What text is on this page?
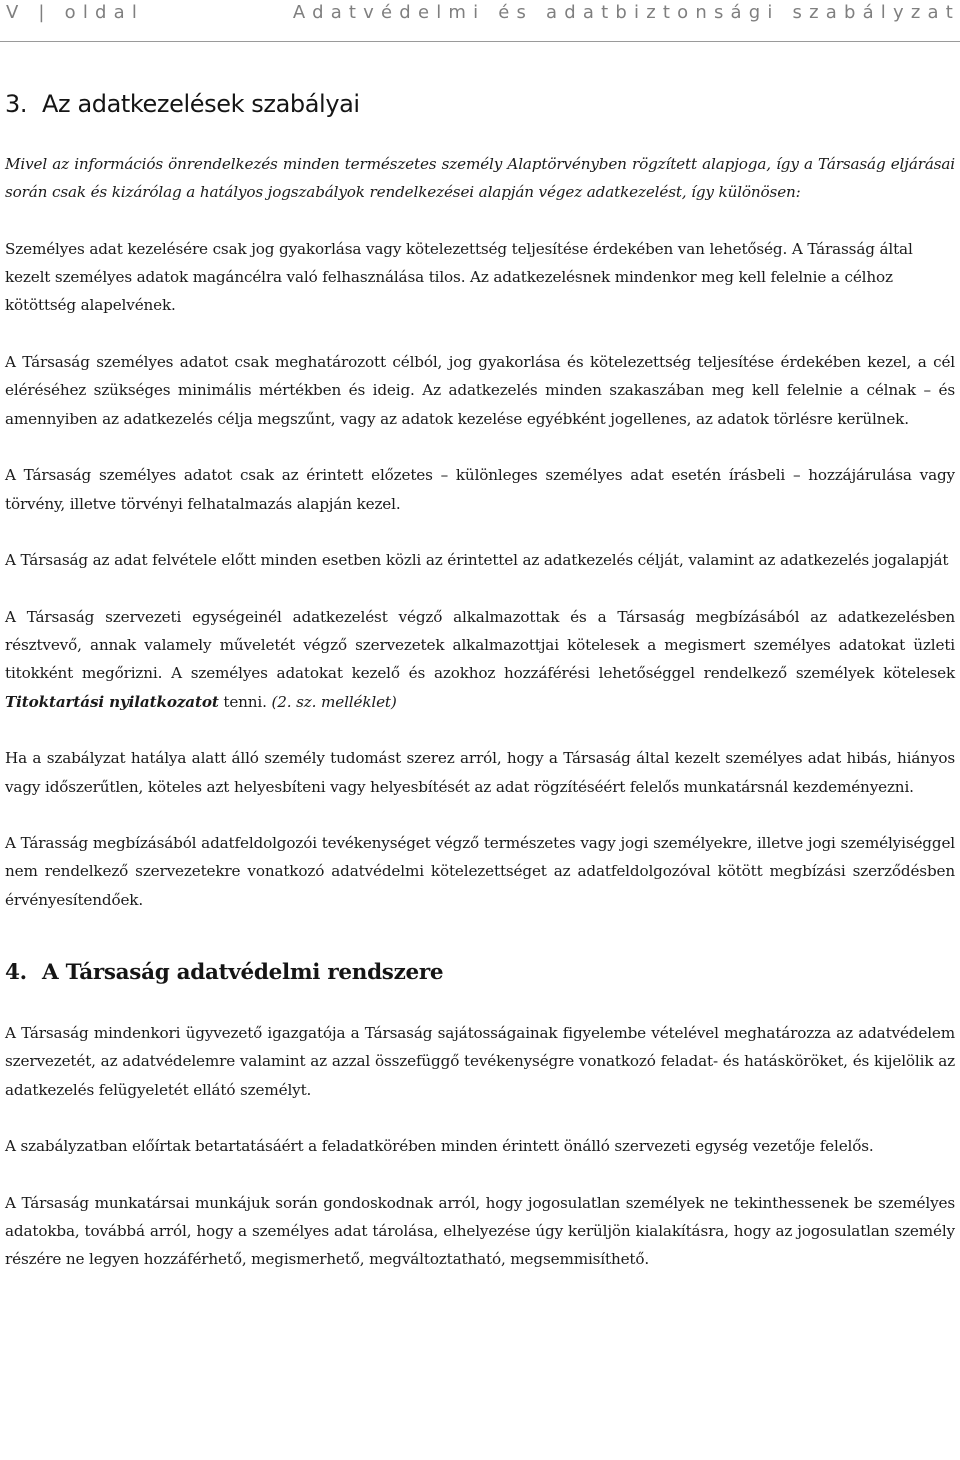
V | oldal	Adatvédelmi és adatbiztonsági szabályzat
3. Az adatkezelések szabályai

Mivel az információs önrendelkezés minden természetes személy Alaptörvényben rögzített alapjoga, így a Társaság eljárásai során csak és kizárólag a hatályos jogszabályok rendelkezései alapján végez adatkezelést, így különösen:

Személyes adat kezelésére csak jog gyakorlása vagy kötelezettség teljesítése érdekében van lehetőség. A Tárasság által kezelt személyes adatok magáncélra való felhasználása tilos. Az adatkezelésnek mindenkor meg kell felelnie a célhoz kötöttség alapelvének.

A Társaság személyes adatot csak meghatározott célból, jog gyakorlása és kötelezettség teljesítése érdekében kezel, a cél eléréséhez szükséges minimális mértékben és ideig. Az adatkezelés minden szakaszában meg kell felelnie a célnak – és amennyiben az adatkezelés célja megszűnt, vagy az adatok kezelése egyébként jogellenes, az adatok törlésre kerülnek.

A Társaság személyes adatot csak az érintett előzetes – különleges személyes adat esetén írásbeli – hozzájárulása vagy törvény, illetve törvényi felhatalmazás alapján kezel.

A Társaság az adat felvétele előtt minden esetben közli az érintettel az adatkezelés célját, valamint az adatkezelés jogalapját

A Társaság szervezeti egységeinél adatkezelést végző alkalmazottak és a Társaság megbízásából az adatkezelésben résztvevő, annak valamely műveletét végző szervezetek alkalmazottjai kötelesek a megismert személyes adatokat üzleti titokként megőrizni. A személyes adatokat kezelő és azokhoz hozzáférési lehetőséggel rendelkező személyek kötelesek Titoktartási nyilatkozatot tenni. (2. sz. melléklet)

Ha a szabályzat hatálya alatt álló személy tudomást szerez arról, hogy a Társaság által kezelt személyes adat hibás, hiányos vagy időszerűtlen, köteles azt helyesbíteni vagy helyesbítését az adat rögzítéséért felelős munkatársnál kezdeményezni.

A Tárasság megbízásából adatfeldolgozói tevékenységet végző természetes vagy jogi személyekre, illetve jogi személyiséggel nem rendelkező szervezetekre vonatkozó adatvédelmi kötelezettséget az adatfeldolgozóval kötött megbízási szerződésben érvényesítendőek.

4. A Társaság adatvédelmi rendszere

A Társaság mindenkori ügyvezető igazgatója a Társaság sajátosságainak figyelembe vételével meghatározza az adatvédelem szervezetét, az adatvédelemre valamint az azzal összefüggő tevékenységre vonatkozó feladat- és hatásköröket, és kijelölik az adatkezelés felügyeletét ellátó személyt.

A szabályzatban előírtak betartatásáért a feladatkörében minden érintett önálló szervezeti egység vezetője felelős.

A Társaság munkatársai munkájuk során gondoskodnak arról, hogy jogosulatlan személyek ne tekinthessenek be személyes adatokba, továbbá arról, hogy a személyes adat tárolása, elhelyezése úgy kerüljön kialakításra, hogy az jogosulatlan személy részére ne legyen hozzáférhető, megismerhető, megváltoztatható, megsemmisíthető.
